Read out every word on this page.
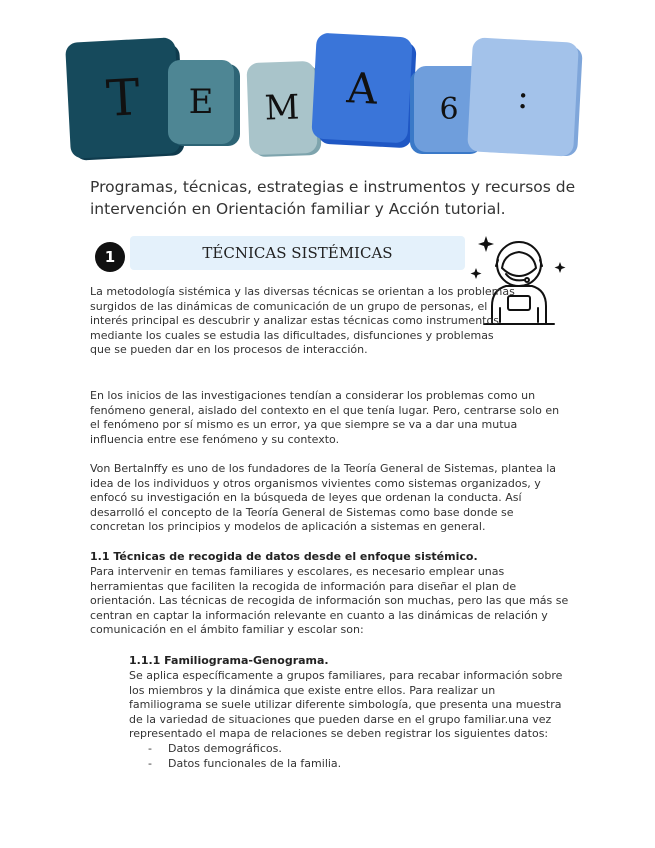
T	E	M	A	6	:
Programas, técnicas, estrategias e instrumentos y recursos de intervención en Orientación familiar y Acción tutorial.
1	TÉCNICAS SISTÉMICAS

La metodología sistémica y las diversas técnicas se orientan a los problemas surgidos de las dinámicas de comunicación de un grupo de personas, el interés principal es descubrir y analizar estas técnicas como instrumentos mediante los cuales se estudia las dificultades, disfunciones y problemas que se pueden dar en los procesos de interacción.

En los inicios de las investigaciones tendían a considerar los problemas como un fenómeno general, aislado del contexto en el que tenía lugar. Pero, centrarse solo en el fenómeno por sí mismo es un error, ya que siempre se va a dar una mutua influencia entre ese fenómeno y su contexto.

Von Bertalnffy es uno de los fundadores de la Teoría General de Sistemas, plantea la idea de los individuos y otros organismos vivientes como sistemas organizados, y enfocó su investigación en la búsqueda de leyes que ordenan la conducta. Así desarrolló el concepto de la Teoría General de Sistemas como base donde se concretan los principios y modelos de aplicación a sistemas en general.

1.1 Técnicas de recogida de datos desde el enfoque sistémico.

Para intervenir en temas familiares y escolares, es necesario emplear unas herramientas que faciliten la recogida de información para diseñar el plan de orientación. Las técnicas de recogida de información son muchas, pero las que más se centran en captar la información relevante en cuanto a las dinámicas de relación y comunicación en el ámbito familiar y escolar son:

1.1.1 Familiograma-Genograma.

Se aplica específicamente a grupos familiares, para recabar información sobre los miembros y la dinámica que existe entre ellos. Para realizar un familiograma se suele utilizar diferente simbología, que presenta una muestra de la variedad de situaciones que pueden darse en el grupo familiar.una vez representado el mapa de relaciones se deben registrar los siguientes datos:

- Datos demográficos.
- Datos funcionales de la familia.
